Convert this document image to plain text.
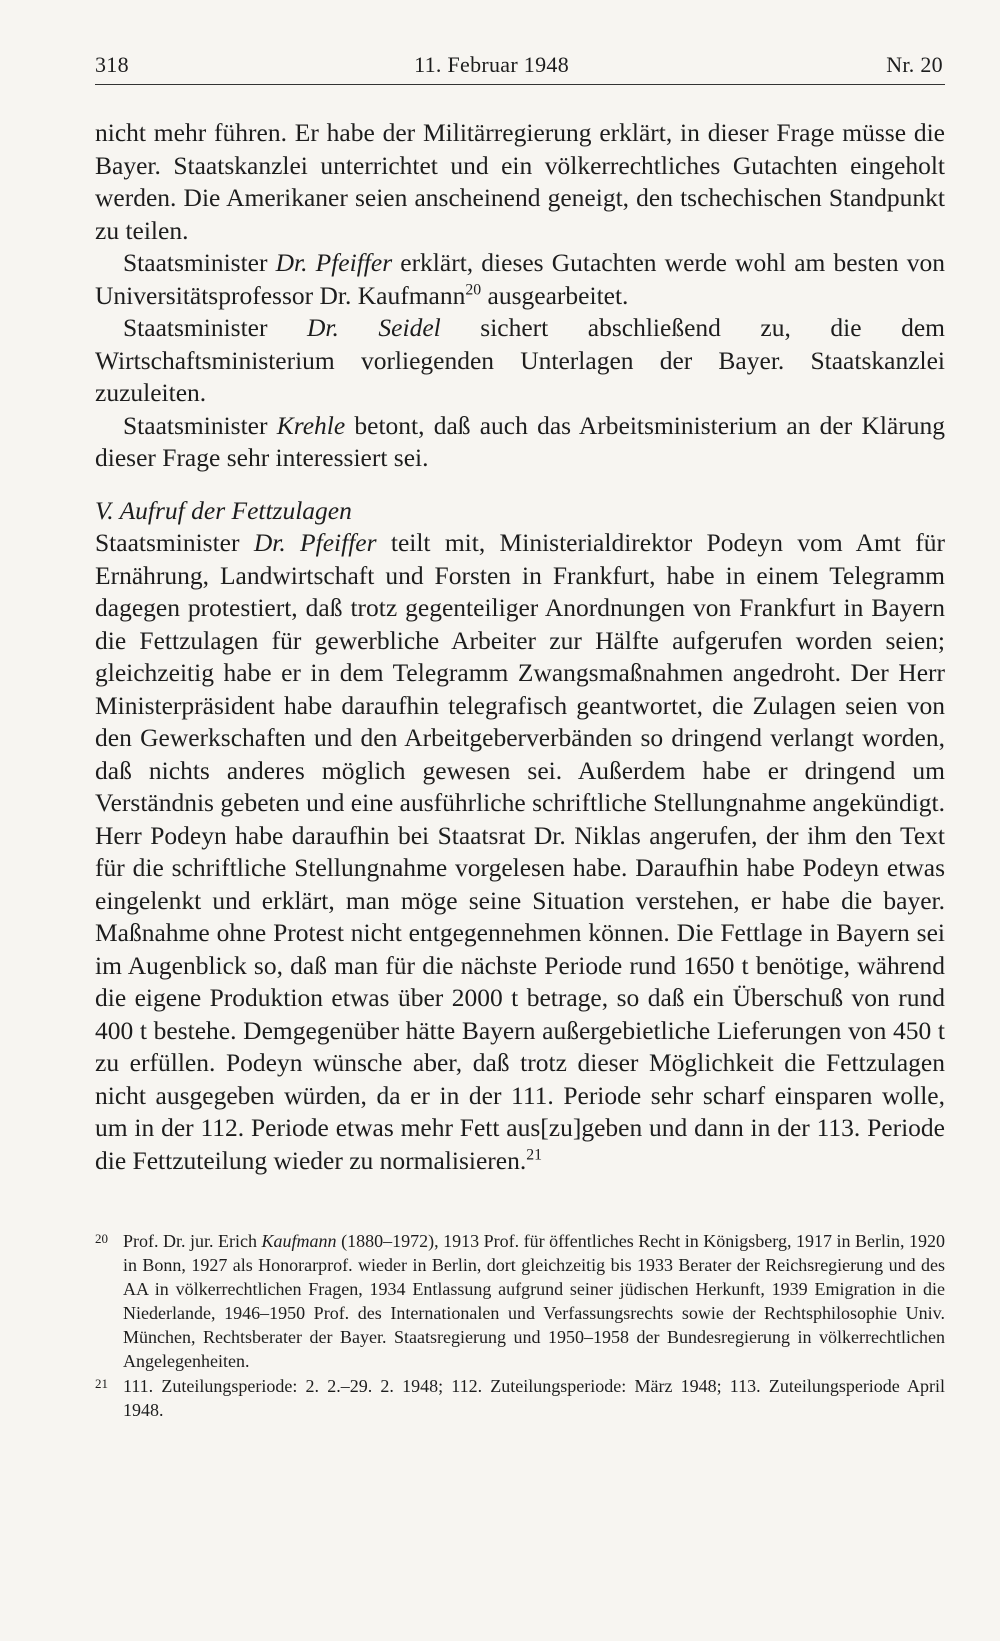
318	11. Februar 1948	Nr. 20

nicht mehr führen. Er habe der Militärregierung erklärt, in dieser Frage müsse die Bayer. Staatskanzlei unterrichtet und ein völkerrechtliches Gutachten eingeholt werden. Die Amerikaner seien anscheinend geneigt, den tschechischen Standpunkt zu teilen.

Staatsminister Dr. Pfeiffer erklärt, dieses Gutachten werde wohl am besten von Universitätsprofessor Dr. Kaufmann$^{20}$ ausgearbeitet.

Staatsminister Dr. Seidel sichert abschließend zu, die dem Wirtschaftsministerium vorliegenden Unterlagen der Bayer. Staatskanzlei zuzuleiten.

Staatsminister Krehle betont, daß auch das Arbeitsministerium an der Klärung dieser Frage sehr interessiert sei.

V. Aufruf der Fettzulagen

Staatsminister Dr. Pfeiffer teilt mit, Ministerialdirektor Podeyn vom Amt für Ernährung, Landwirtschaft und Forsten in Frankfurt, habe in einem Telegramm dagegen protestiert, daß trotz gegenteiliger Anordnungen von Frankfurt in Bayern die Fettzulagen für gewerbliche Arbeiter zur Hälfte aufgerufen worden seien; gleichzeitig habe er in dem Telegramm Zwangsmaßnahmen angedroht. Der Herr Ministerpräsident habe daraufhin telegrafisch geantwortet, die Zulagen seien von den Gewerkschaften und den Arbeitgeberverbänden so dringend verlangt worden, daß nichts anderes möglich gewesen sei. Außerdem habe er dringend um Verständnis gebeten und eine ausführliche schriftliche Stellungnahme angekündigt. Herr Podeyn habe daraufhin bei Staatsrat Dr. Niklas angerufen, der ihm den Text für die schriftliche Stellungnahme vorgelesen habe. Daraufhin habe Podeyn etwas eingelenkt und erklärt, man möge seine Situation verstehen, er habe die bayer. Maßnahme ohne Protest nicht entgegennehmen können. Die Fettlage in Bayern sei im Augenblick so, daß man für die nächste Periode rund 1650 t benötige, während die eigene Produktion etwas über 2000 t betrage, so daß ein Überschuß von rund 400 t bestehe. Demgegenüber hätte Bayern außergebietliche Lieferungen von 450 t zu erfüllen. Podeyn wünsche aber, daß trotz dieser Möglichkeit die Fettzulagen nicht ausgegeben würden, da er in der 111. Periode sehr scharf einsparen wolle, um in der 112. Periode etwas mehr Fett aus[zu]geben und dann in der 113. Periode die Fettzuteilung wieder zu normalisieren.$^{21}$

20 Prof. Dr. jur. Erich Kaufmann (1880–1972), 1913 Prof. für öffentliches Recht in Königsberg, 1917 in Berlin, 1920 in Bonn, 1927 als Honorarprof. wieder in Berlin, dort gleichzeitig bis 1933 Berater der Reichsregierung und des AA in völkerrechtlichen Fragen, 1934 Entlassung aufgrund seiner jüdischen Herkunft, 1939 Emigration in die Niederlande, 1946–1950 Prof. des Internationalen und Verfassungsrechts sowie der Rechtsphilosophie Univ. München, Rechtsberater der Bayer. Staatsregierung und 1950–1958 der Bundesregierung in völkerrechtlichen Angelegenheiten.
21 111. Zuteilungsperiode: 2. 2.–29. 2. 1948; 112. Zuteilungsperiode: März 1948; 113. Zuteilungsperiode April 1948.
